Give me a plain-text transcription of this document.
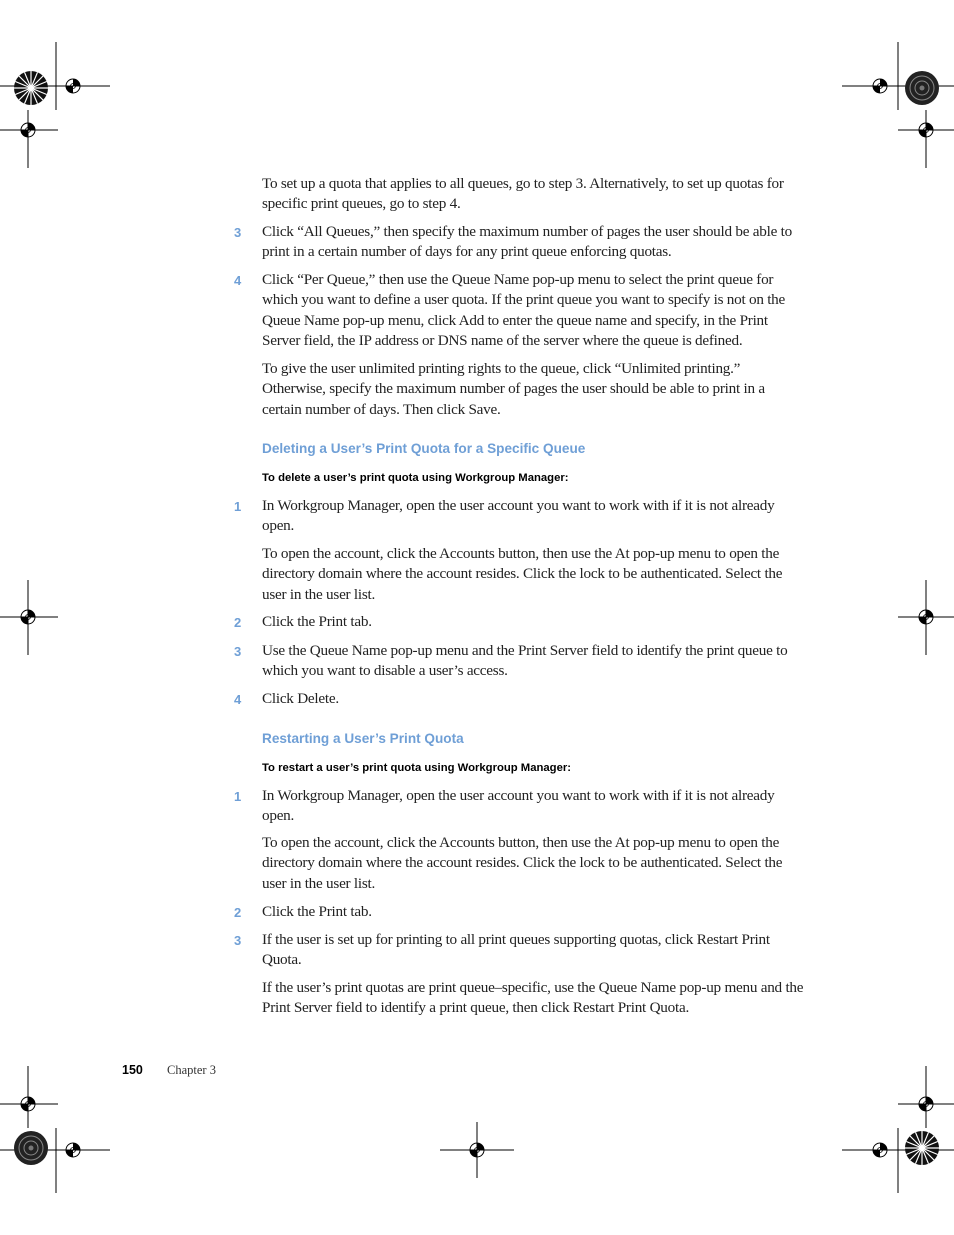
To set up a quota that applies to all queues, go to step 3. Alternatively, to set up quotas for specific print queues, go to step 4.

3 Click “All Queues,” then specify the maximum number of pages the user should be able to print in a certain number of days for any print queue enforcing quotas.

4 Click “Per Queue,” then use the Queue Name pop-up menu to select the print queue for which you want to define a user quota. If the print queue you want to specify is not on the Queue Name pop-up menu, click Add to enter the queue name and specify, in the Print Server field, the IP address or DNS name of the server where the queue is defined.

To give the user unlimited printing rights to the queue, click “Unlimited printing.” Otherwise, specify the maximum number of pages the user should be able to print in a certain number of days. Then click Save.

Deleting a User’s Print Quota for a Specific Queue

To delete a user’s print quota using Workgroup Manager:

1 In Workgroup Manager, open the user account you want to work with if it is not already open.

To open the account, click the Accounts button, then use the At pop-up menu to open the directory domain where the account resides. Click the lock to be authenticated. Select the user in the user list.

2 Click the Print tab.

3 Use the Queue Name pop-up menu and the Print Server field to identify the print queue to which you want to disable a user’s access.

4 Click Delete.

Restarting a User’s Print Quota

To restart a user’s print quota using Workgroup Manager:

1 In Workgroup Manager, open the user account you want to work with if it is not already open.

To open the account, click the Accounts button, then use the At pop-up menu to open the directory domain where the account resides. Click the lock to be authenticated. Select the user in the user list.

2 Click the Print tab.

3 If the user is set up for printing to all print queues supporting quotas, click Restart Print Quota.

If the user’s print quotas are print queue–specific, use the Queue Name pop-up menu and the Print Server field to identify a print queue, then click Restart Print Quota.

150 Chapter 3
